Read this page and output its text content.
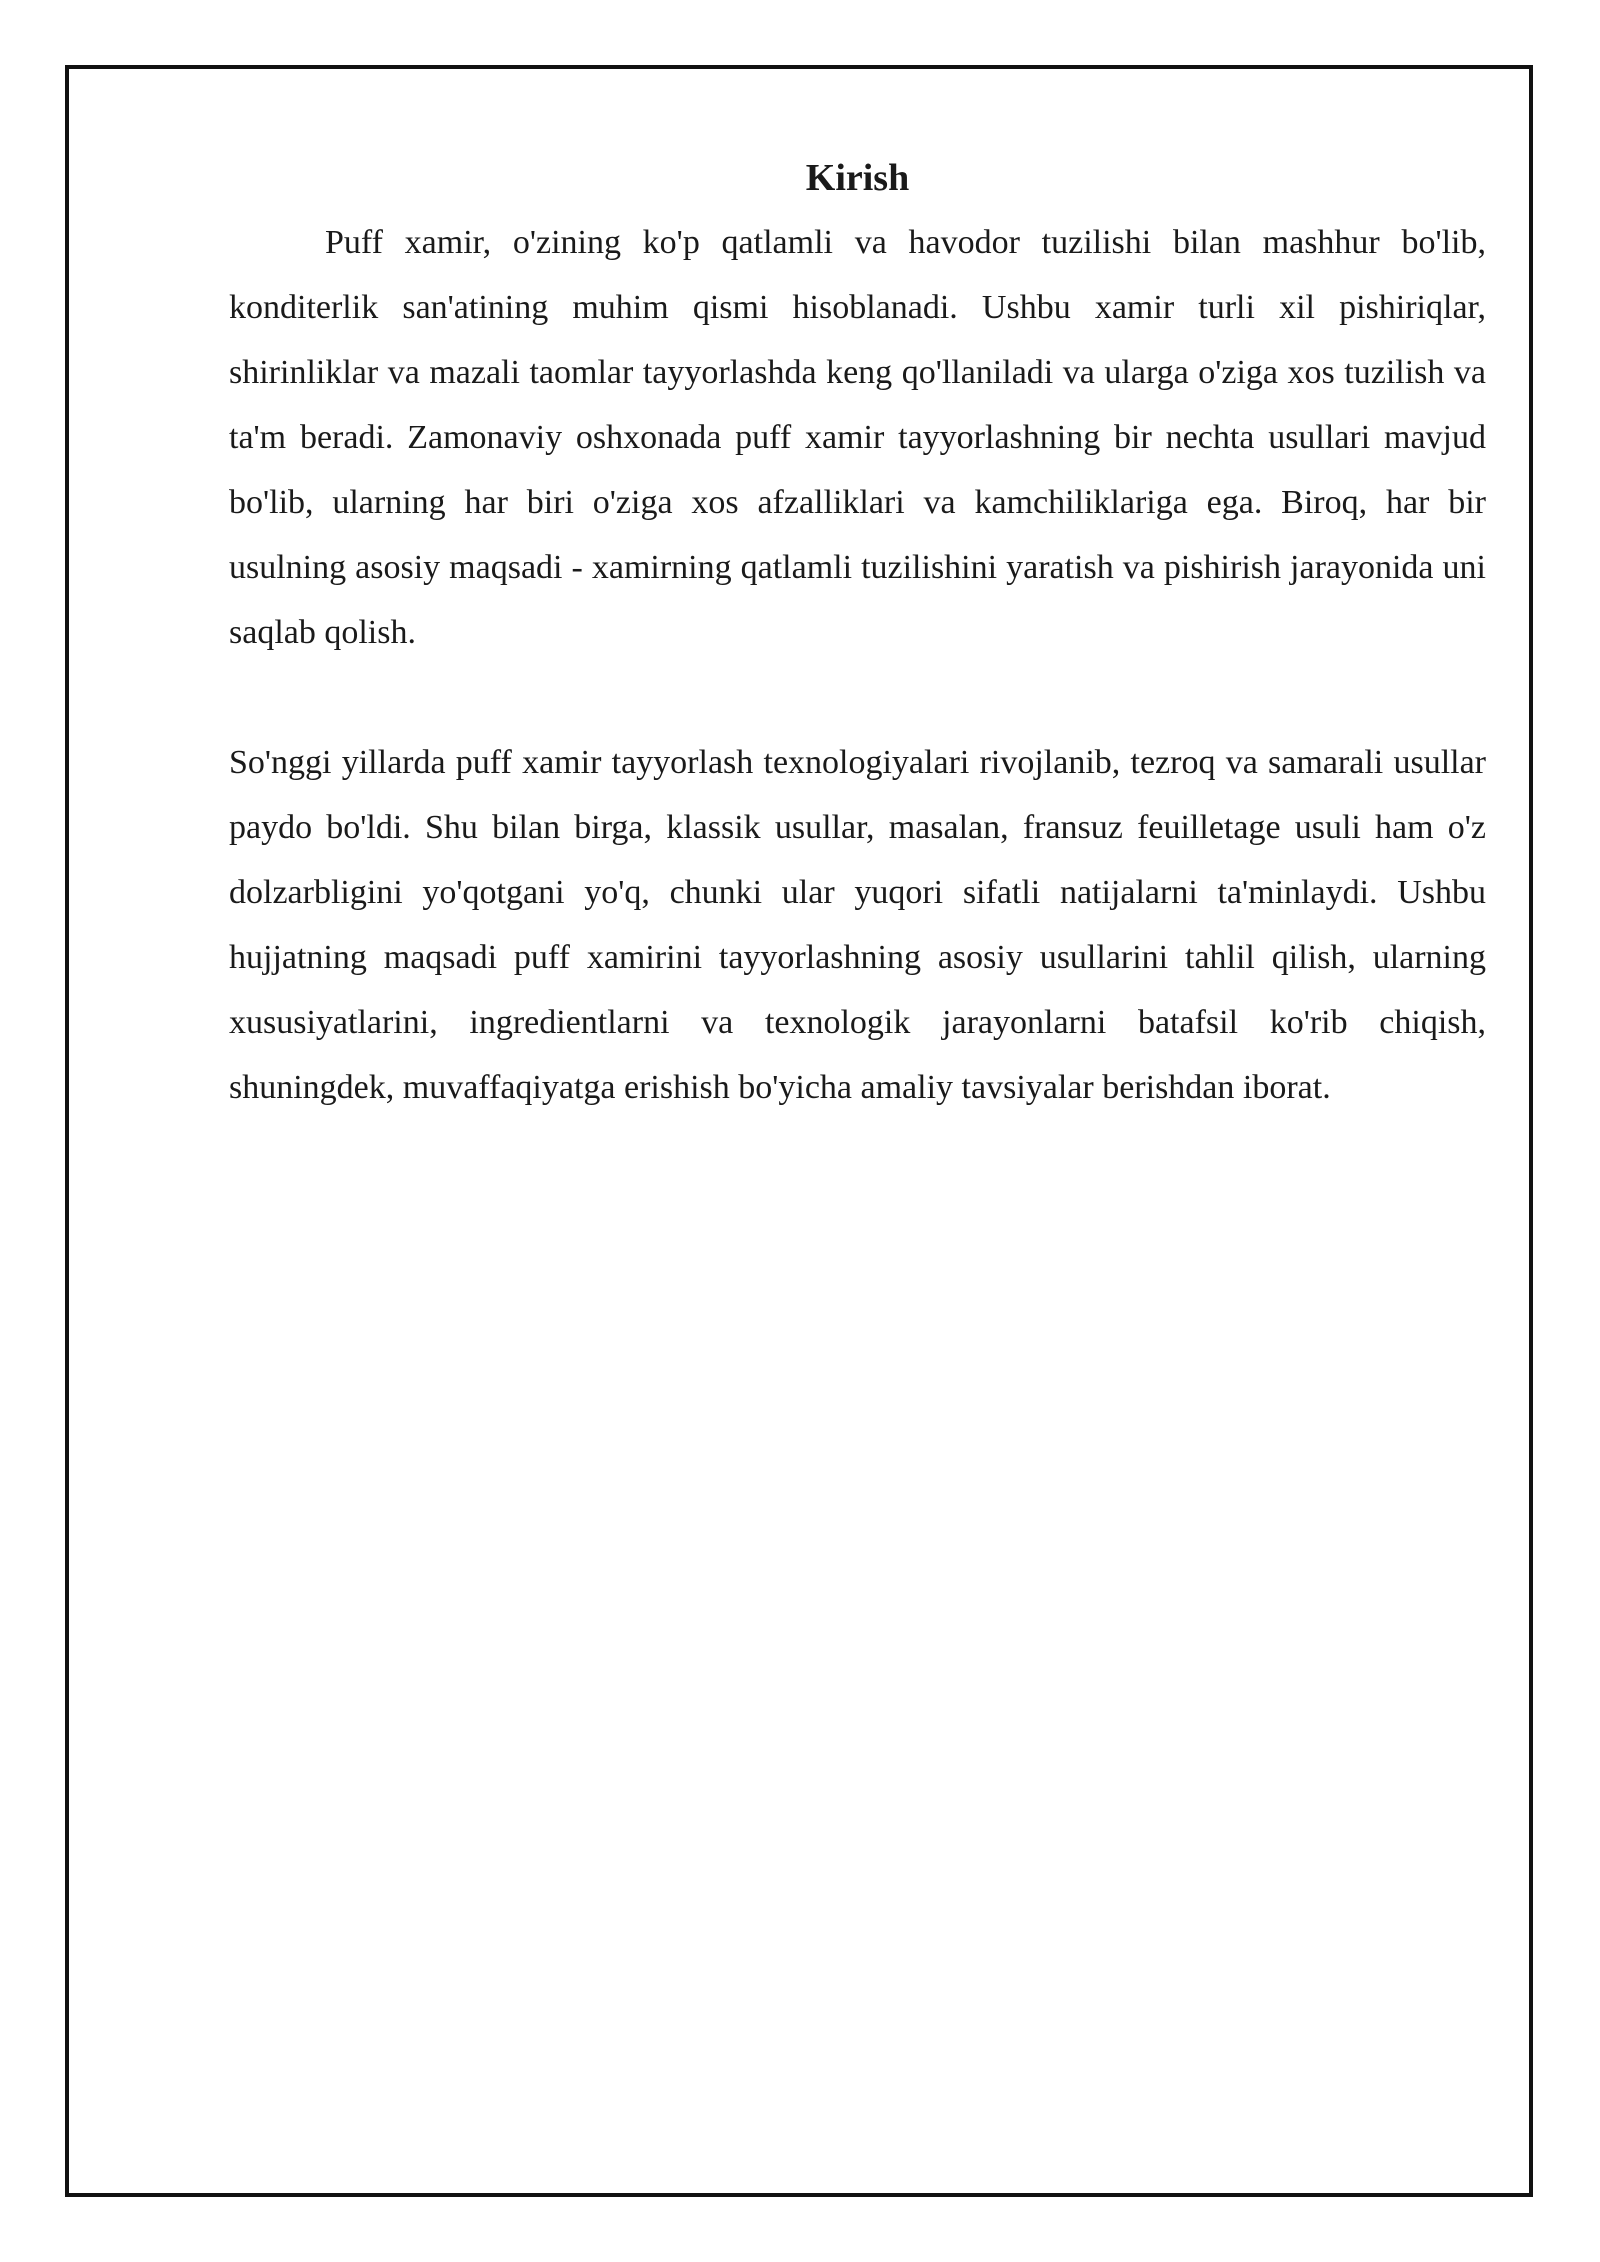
Kirish

Puff xamir, o'zining ko'p qatlamli va havodor tuzilishi bilan mashhur bo'lib, konditerlik san'atining muhim qismi hisoblanadi. Ushbu xamir turli xil pishiriqlar, shirinliklar va mazali taomlar tayyorlashda keng qo'llaniladi va ularga o'ziga xos tuzilish va ta'm beradi. Zamonaviy oshxonada puff xamir tayyorlashning bir nechta usullari mavjud bo'lib, ularning har biri o'ziga xos afzalliklari va kamchiliklariga ega. Biroq, har bir usulning asosiy maqsadi - xamirning qatlamli tuzilishini yaratish va pishirish jarayonida uni saqlab qolish.

So'nggi yillarda puff xamir tayyorlash texnologiyalari rivojlanib, tezroq va samarali usullar paydo bo'ldi. Shu bilan birga, klassik usullar, masalan, fransuz feuilletage usuli ham o'z dolzarbligini yo'qotgani yo'q, chunki ular yuqori sifatli natijalarni ta'minlaydi. Ushbu hujjatning maqsadi puff xamirini tayyorlashning asosiy usullarini tahlil qilish, ularning xususiyatlarini, ingredientlarni va texnologik jarayonlarni batafsil ko'rib chiqish, shuningdek, muvaffaqiyatga erishish bo'yicha amaliy tavsiyalar berishdan iborat.
